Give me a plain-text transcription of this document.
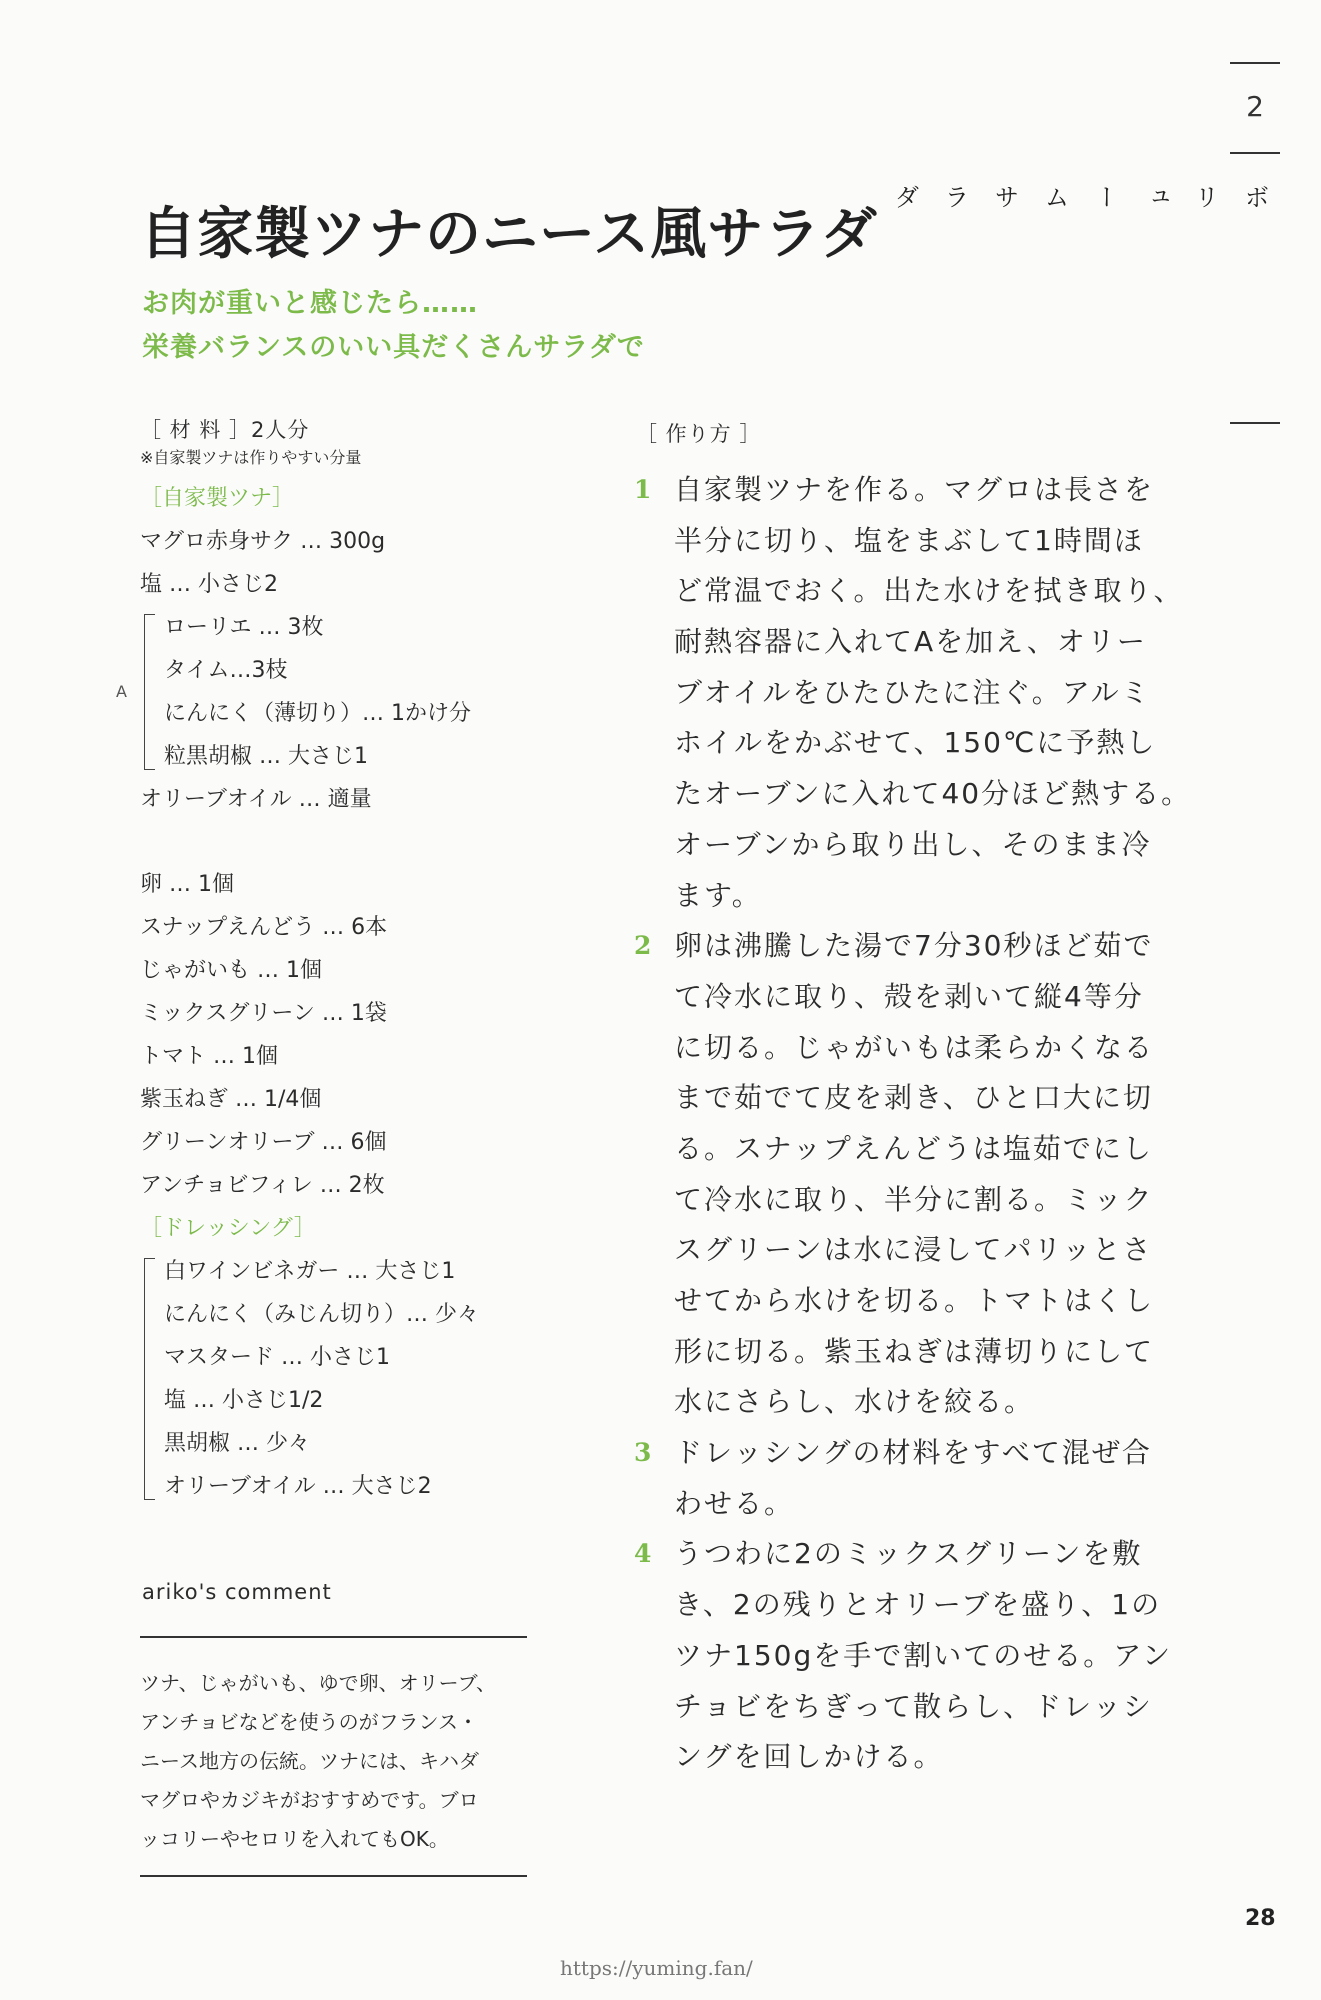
2
ボリュームサラダ
自家製ツナのニース風サラダ
お肉が重いと感じたら……
栄養バランスのいい具だくさんサラダで
［ 材 料 ］2人分
※自家製ツナは作りやすい分量
［自家製ツナ］
マグロ赤身サク … 300g
塩 … 小さじ2
A
ローリエ … 3枚
タイム…3枝
にんにく（薄切り）… 1かけ分
粒黒胡椒 … 大さじ1
オリーブオイル … 適量
卵 … 1個
スナップえんどう … 6本
じゃがいも … 1個
ミックスグリーン … 1袋
トマト … 1個
紫玉ねぎ … 1/4個
グリーンオリーブ … 6個
アンチョビフィレ … 2枚
［ドレッシング］
白ワインビネガー … 大さじ1
にんにく（みじん切り）… 少々
マスタード … 小さじ1
塩 … 小さじ1/2
黒胡椒 … 少々
オリーブオイル … 大さじ2
ariko's comment
ツナ、じゃがいも、ゆで卵、オリーブ、
アンチョビなどを使うのがフランス・
ニース地方の伝統。ツナには、キハダ
マグロやカジキがおすすめです。ブロ
ッコリーやセロリを入れてもOK。
［ 作り方 ］
1 自家製ツナを作る。マグロは長さを
半分に切り、塩をまぶして1時間ほ
ど常温でおく。出た水けを拭き取り、
耐熱容器に入れてAを加え、オリー
ブオイルをひたひたに注ぐ。アルミ
ホイルをかぶせて、150℃に予熱し
たオーブンに入れて40分ほど熱する。
オーブンから取り出し、そのまま冷
ます。
2 卵は沸騰した湯で7分30秒ほど茹で
て冷水に取り、殻を剥いて縦4等分
に切る。じゃがいもは柔らかくなる
まで茹でて皮を剥き、ひと口大に切
る。スナップえんどうは塩茹でにし
て冷水に取り、半分に割る。ミック
スグリーンは水に浸してパリッとさ
せてから水けを切る。トマトはくし
形に切る。紫玉ねぎは薄切りにして
水にさらし、水けを絞る。
3 ドレッシングの材料をすべて混ぜ合
わせる。
4 うつわに2のミックスグリーンを敷
き、2の残りとオリーブを盛り、1の
ツナ150gを手で割いてのせる。アン
チョビをちぎって散らし、ドレッシ
ングを回しかける。
28
https://yuming.fan/
